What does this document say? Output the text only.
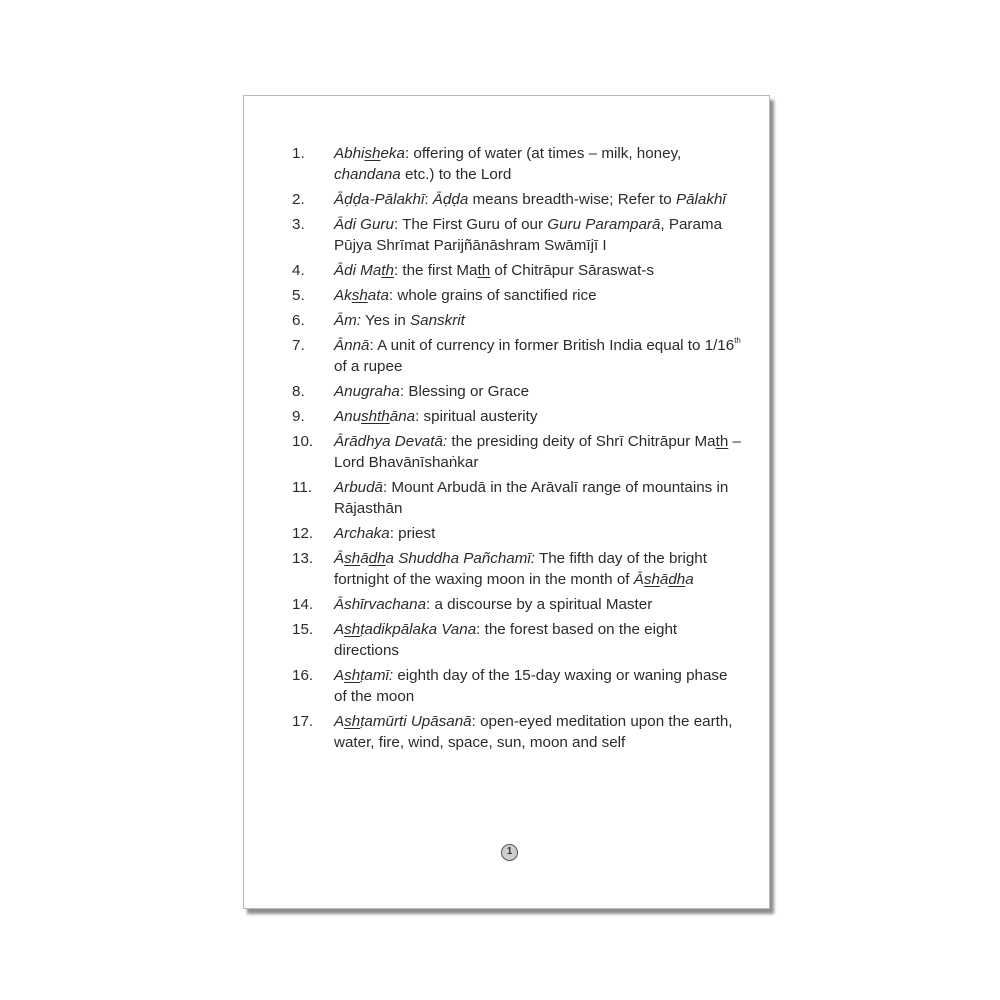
1.	Abhisheka: offering of water (at times – milk, honey, chandana etc.) to the Lord
2.	Āḍḍa-Pālakhī: Āḍḍa means breadth-wise; Refer to Pālakhī
3.	Ādi Guru: The First Guru of our Guru Paramparā, Parama Pūjya Shrīmat Parijñānāshram Swāmījī I
4.	Ādi Math: the first Math of Chitrāpur Sāraswat-s
5.	Akshata: whole grains of sanctified rice
6.	Ām: Yes in Sanskrit
7.	Ānnā: A unit of currency in former British India equal to 1/16th of a rupee
8.	Anugraha: Blessing or Grace
9.	Anushthāna: spiritual austerity
10.	Ārādhya Devatā: the presiding deity of Shrī Chitrāpur Math – Lord Bhavānīshaṅkar
11.	Arbudā: Mount Arbudā in the Arāvalī range of mountains in Rājasthān
12.	Archaka: priest
13.	Āshādha Shuddha Pañchamī: The fifth day of the bright fortnight of the waxing moon in the month of Āshādha
14.	Āshīrvachana: a discourse by a spiritual Master
15.	Ashṭadikpālaka Vana: the forest based on the eight directions
16.	Ashṭamī: eighth day of the 15-day waxing or waning phase of the moon
17.	Ashṭamūrti Upāsanā: open-eyed meditation upon the earth, water, fire, wind, space, sun, moon and self
1
